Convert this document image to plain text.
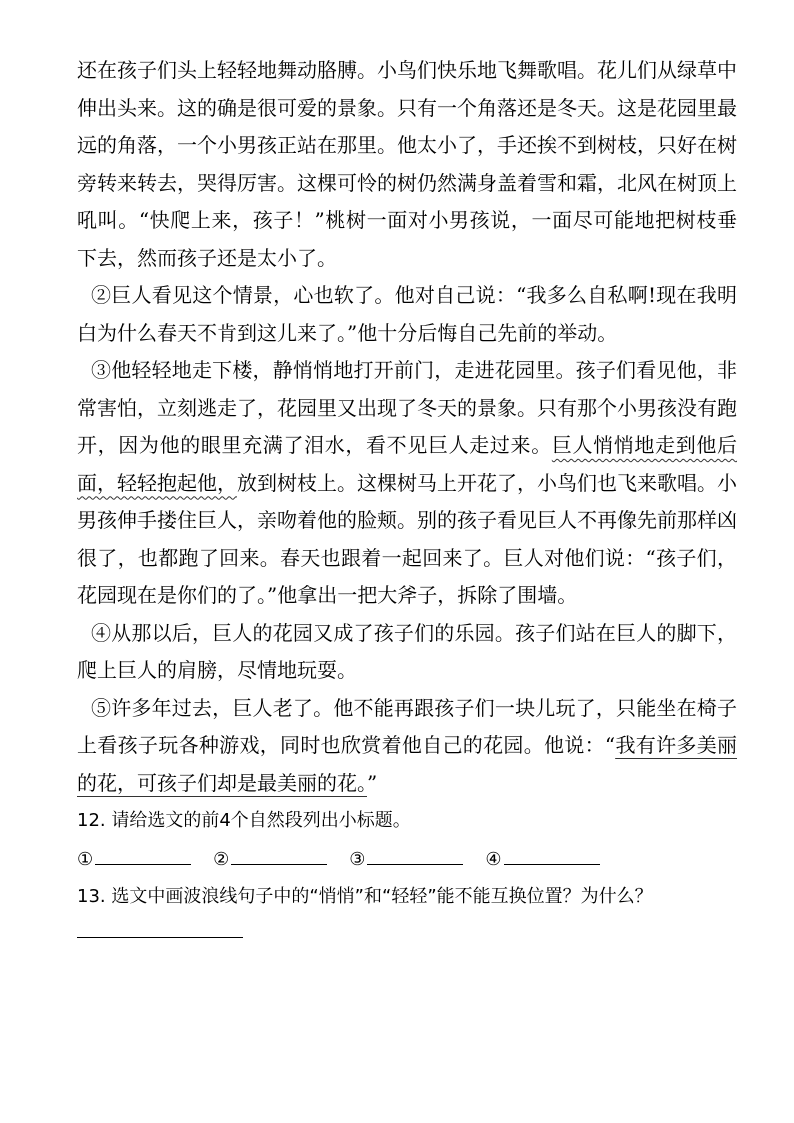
还在孩子们头上轻轻地舞动胳膊。小鸟们快乐地飞舞歌唱。花儿们从绿草中伸出头来。这的确是很可爱的景象。只有一个角落还是冬天。这是花园里最远的角落，一个小男孩正站在那里。他太小了，手还挨不到树枝，只好在树旁转来转去，哭得厉害。这棵可怜的树仍然满身盖着雪和霜，北风在树顶上吼叫。“快爬上来，孩子！”桃树一面对小男孩说，一面尽可能地把树枝垂下去，然而孩子还是太小了。

②巨人看见这个情景，心也软了。他对自己说：“我多么自私啊!现在我明白为什么春天不肯到这儿来了。”他十分后悔自己先前的举动。

③他轻轻地走下楼，静悄悄地打开前门，走进花园里。孩子们看见他，非常害怕，立刻逃走了，花园里又出现了冬天的景象。只有那个小男孩没有跑开，因为他的眼里充满了泪水，看不见巨人走过来。巨人悄悄地走到他后面，轻轻抱起他，放到树枝上。这棵树马上开花了，小鸟们也飞来歌唱。小男孩伸手搂住巨人，亲吻着他的脸颊。别的孩子看见巨人不再像先前那样凶很了，也都跑了回来。春天也跟着一起回来了。巨人对他们说：“孩子们，花园现在是你们的了。”他拿出一把大斧子，拆除了围墙。

④从那以后，巨人的花园又成了孩子们的乐园。孩子们站在巨人的脚下，爬上巨人的肩膀，尽情地玩耍。

⑤许多年过去，巨人老了。他不能再跟孩子们一块儿玩了，只能坐在椅子上看孩子玩各种游戏，同时也欣赏着他自己的花园。他说：“我有许多美丽的花，可孩子们却是最美丽的花。”

12. 请给选文的前4个自然段列出小标题。

①	②	③	④

13. 选文中画波浪线句子中的“悄悄”和“轻轻”能不能互换位置？为什么？
